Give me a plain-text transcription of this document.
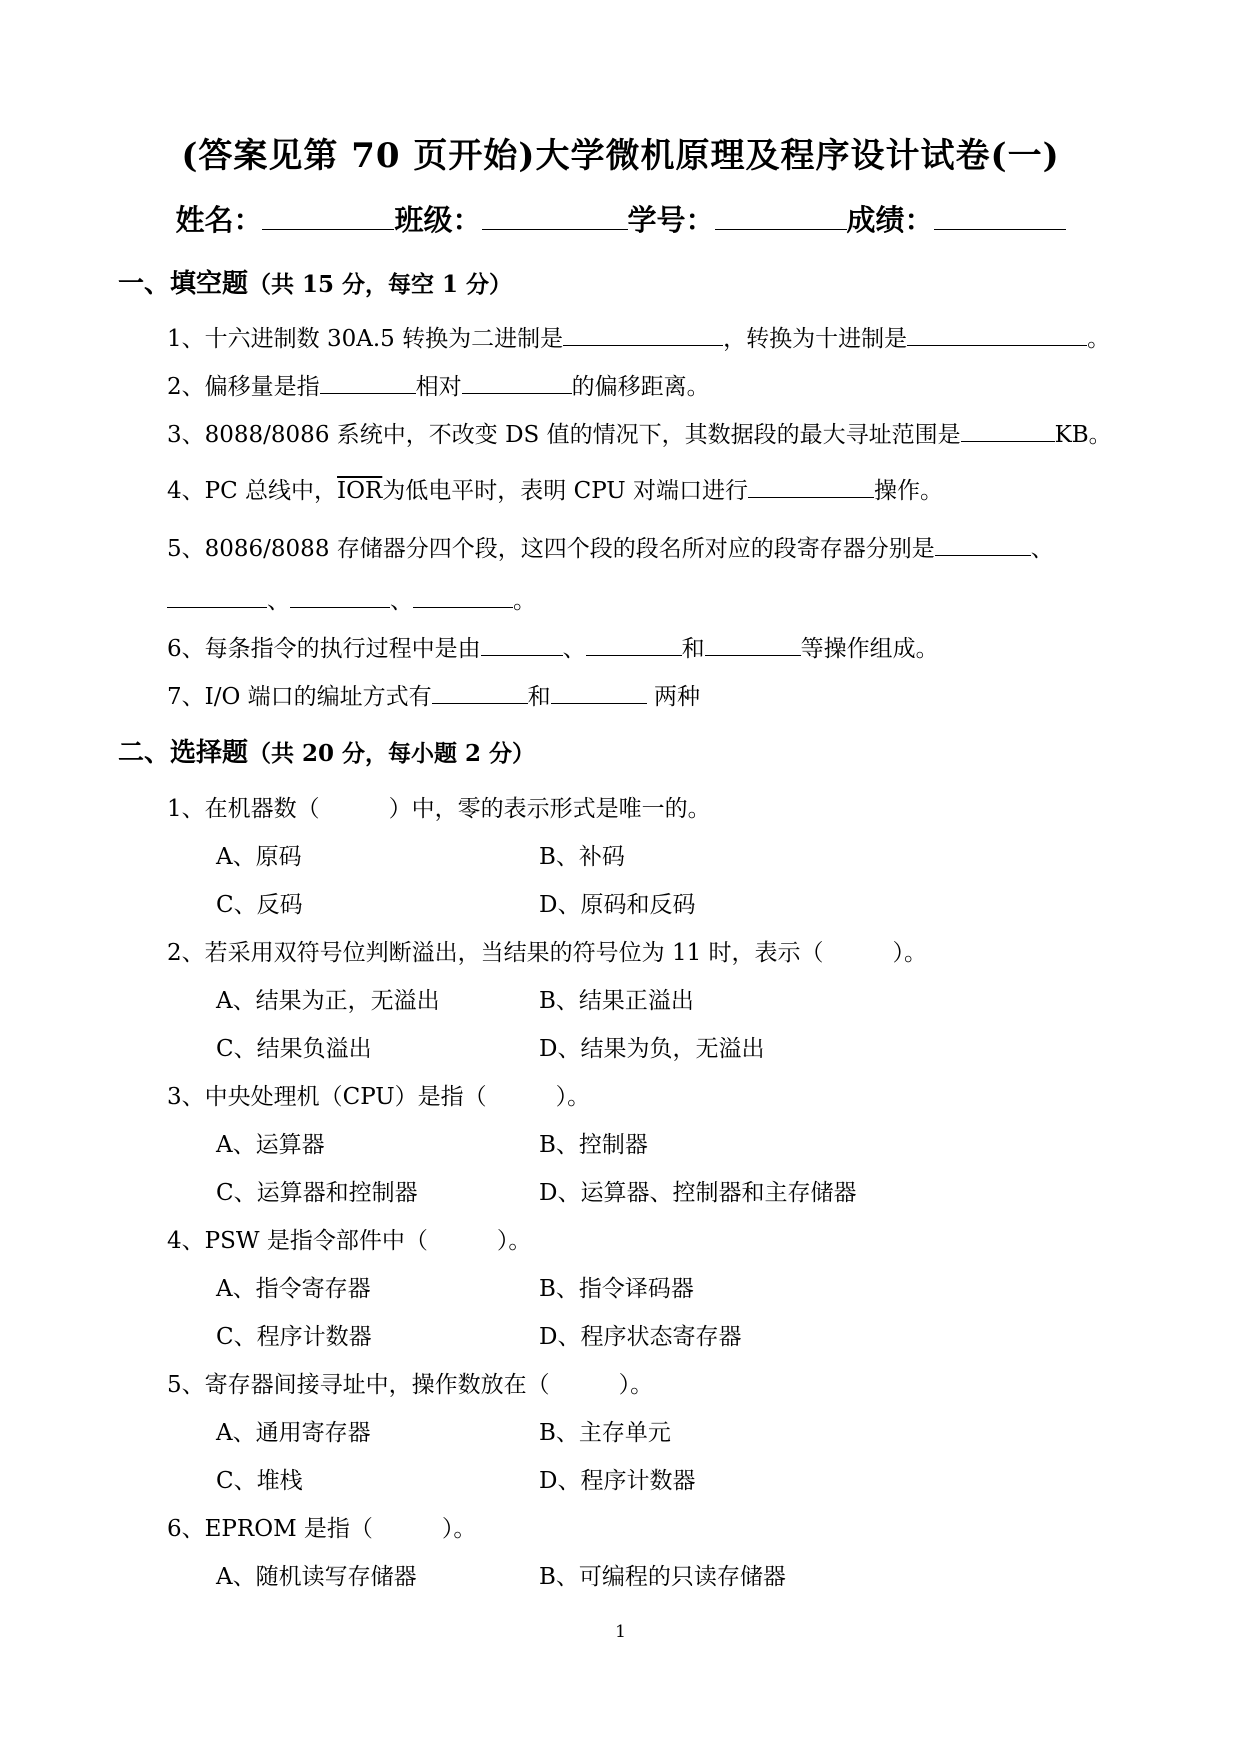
(答案见第 70 页开始)大学微机原理及程序设计试卷(一)
姓名：	班级：	学号：	成绩：
一、填空题（共 15 分，每空 1 分）
1、十六进制数 30A.5 转换为二进制是	，转换为十进制是	。
2、偏移量是指	相对	的偏移距离。
3、8088/8086 系统中，不改变 DS 值的情况下，其数据段的最大寻址范围是	KB。
4、PC 总线中，$\overline{IOR}$为低电平时，表明 CPU 对端口进行	操作。
5、8086/8088 存储器分四个段，这四个段的段名所对应的段寄存器分别是	、
、	、	。
6、每条指令的执行过程中是由	、	和	等操作组成。
7、I/O 端口的编址方式有	和	两种
二、选择题（共 20 分，每小题 2 分）
1、在机器数（　　　）中，零的表示形式是唯一的。
A、原码	B、补码
C、反码	D、原码和反码
2、若采用双符号位判断溢出，当结果的符号位为 11 时，表示（　　　）。
A、结果为正，无溢出	B、结果正溢出
C、结果负溢出	D、结果为负，无溢出
3、中央处理机（CPU）是指（　　　）。
A、运算器	B、控制器
C、运算器和控制器	D、运算器、控制器和主存储器
4、PSW 是指令部件中（　　　）。
A、指令寄存器	B、指令译码器
C、程序计数器	D、程序状态寄存器
5、寄存器间接寻址中，操作数放在（　　　）。
A、通用寄存器	B、主存单元
C、堆栈	D、程序计数器
6、EPROM 是指（　　　）。
A、随机读写存储器	B、可编程的只读存储器
1
